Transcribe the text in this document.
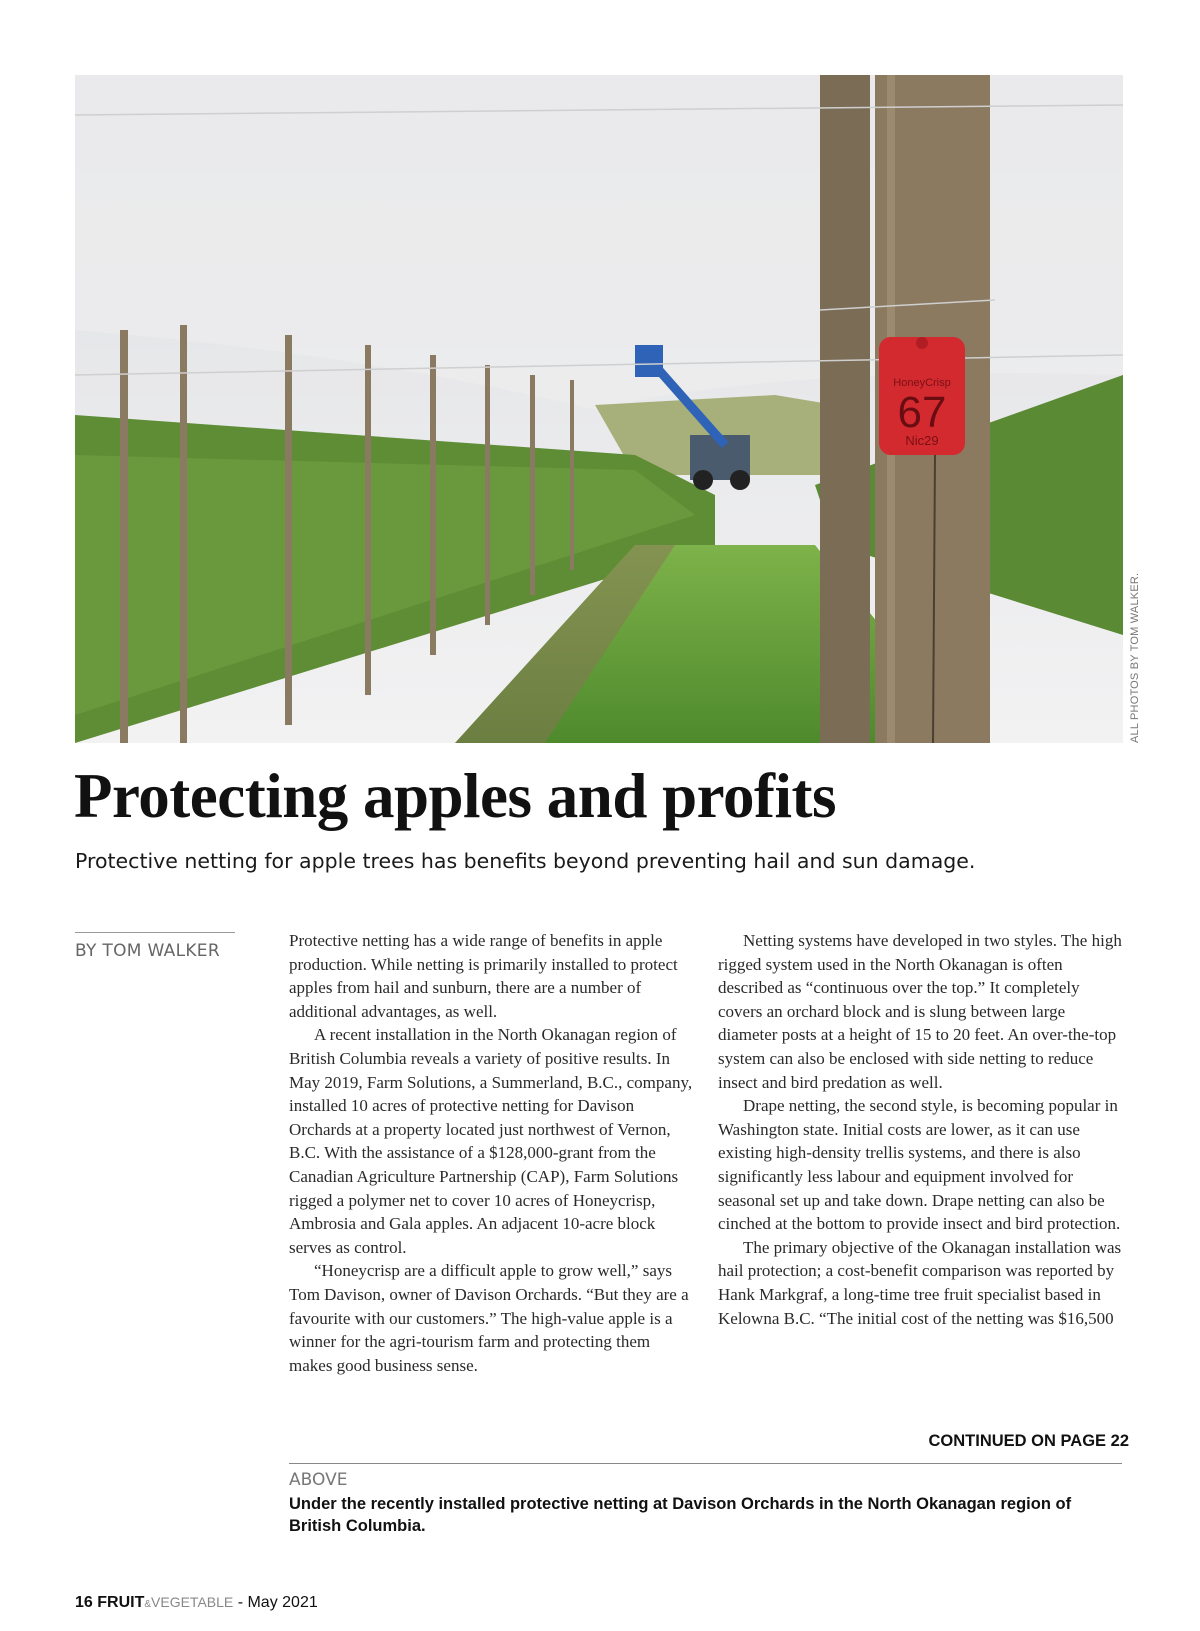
HoneyCrisp
67
Nic29
ALL PHOTOS BY TOM WALKER.
Protecting apples and profits

Protective netting for apple trees has benefits beyond preventing hail and sun damage.

BY TOM WALKER

Protective netting has a wide range of benefits in apple production. While netting is primarily installed to protect apples from hail and sunburn, there are a number of additional advantages, as well.

A recent installation in the North Okanagan region of British Columbia reveals a variety of positive results. In May 2019, Farm Solutions, a Summerland, B.C., company, installed 10 acres of protective netting for Davison Orchards at a property located just northwest of Vernon, B.C. With the assistance of a $128,000-grant from the Canadian Agriculture Partnership (CAP), Farm Solutions rigged a polymer net to cover 10 acres of Honeycrisp, Ambrosia and Gala apples. An adjacent 10-acre block serves as control.

“Honeycrisp are a difficult apple to grow well,” says Tom Davison, owner of Davison Orchards. “But they are a favourite with our customers.” The high-value apple is a winner for the agri-tourism farm and protecting them makes good business sense.

Netting systems have developed in two styles. The high rigged system used in the North Okanagan is often described as “continuous over the top.” It completely covers an orchard block and is slung between large diameter posts at a height of 15 to 20 feet. An over-the-top system can also be enclosed with side netting to reduce insect and bird predation as well.

Drape netting, the second style, is becoming popular in Washington state. Initial costs are lower, as it can use existing high-density trellis systems, and there is also significantly less labour and equipment involved for seasonal set up and take down. Drape netting can also be cinched at the bottom to provide insect and bird protection.

The primary objective of the Okanagan installation was hail protection; a cost-benefit comparison was reported by Hank Markgraf, a long-time tree fruit specialist based in Kelowna B.C. “The initial cost of the netting was $16,500

CONTINUED ON PAGE 22
ABOVE

Under the recently installed protective netting at Davison Orchards in the North Okanagan region of British Columbia.

16 FRUIT&VEGETABLE - May 2021
